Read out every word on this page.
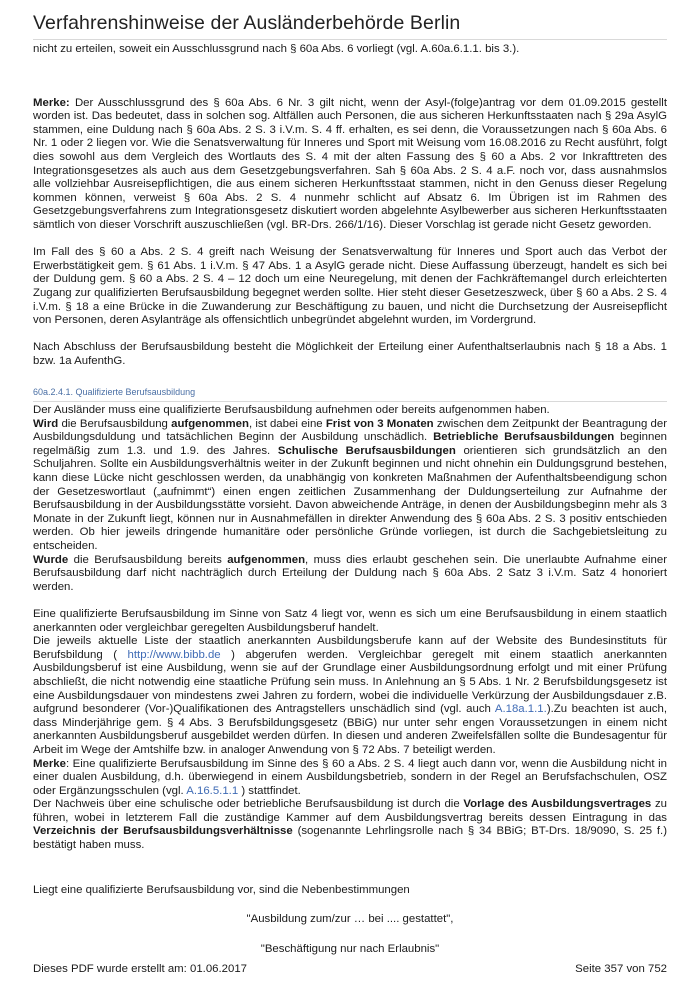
Verfahrenshinweise der Ausländerbehörde Berlin

nicht zu erteilen, soweit ein Ausschlussgrund nach § 60a Abs. 6 vorliegt (vgl. A.60a.6.1.1. bis 3.).

Merke: Der Ausschlussgrund des § 60a Abs. 6 Nr. 3 gilt nicht, wenn der Asyl-(folge)antrag vor dem 01.09.2015 gestellt worden ist. Das bedeutet, dass in solchen sog. Altfällen auch Personen, die aus sicheren Herkunftsstaaten nach § 29a AsylG stammen, eine Duldung nach § 60a Abs. 2 S. 3 i.V.m. S. 4 ff. erhalten, es sei denn, die Voraussetzungen nach § 60a Abs. 6 Nr. 1 oder 2 liegen vor. Wie die Senatsverwaltung für Inneres und Sport mit Weisung vom 16.08.2016 zu Recht ausführt, folgt dies sowohl aus dem Vergleich des Wortlauts des S. 4 mit der alten Fassung des § 60 a Abs. 2 vor Inkrafttreten des Integrationsgesetzes als auch aus dem Gesetzgebungsverfahren. Sah § 60a Abs. 2 S. 4 a.F. noch vor, dass ausnahmslos alle vollziehbar Ausreisepflichtigen, die aus einem sicheren Herkunftsstaat stammen, nicht in den Genuss dieser Regelung kommen können, verweist § 60a Abs. 2 S. 4 nunmehr schlicht auf Absatz 6. Im Übrigen ist im Rahmen des Gesetzgebungsverfahrens zum Integrationsgesetz diskutiert worden abgelehnte Asylbewerber aus sicheren Herkunftsstaaten sämtlich von dieser Vorschrift auszuschließen (vgl. BR-Drs. 266/1/16). Dieser Vorschlag ist gerade nicht Gesetz geworden.

Im Fall des § 60 a Abs. 2 S. 4 greift nach Weisung der Senatsverwaltung für Inneres und Sport auch das Verbot der Erwerbstätigkeit gem. § 61 Abs. 1 i.V.m. § 47 Abs. 1 a AsylG gerade nicht. Diese Auffassung überzeugt, handelt es sich bei der Duldung gem. § 60 a Abs. 2 S. 4 – 12 doch um eine Neuregelung, mit denen der Fachkräftemangel durch erleichterten Zugang zur qualifizierten Berufsausbildung begegnet werden sollte. Hier steht dieser Gesetzeszweck, über § 60 a Abs. 2 S. 4 i.V.m. § 18 a eine Brücke in die Zuwanderung zur Beschäftigung zu bauen, und nicht die Durchsetzung der Ausreisepflicht von Personen, deren Asylanträge als offensichtlich unbegründet abgelehnt wurden, im Vordergrund.

Nach Abschluss der Berufsausbildung besteht die Möglichkeit der Erteilung einer Aufenthaltserlaubnis nach § 18 a Abs. 1 bzw. 1a AufenthG.

60a.2.4.1. Qualifizierte Berufsausbildung

Der Ausländer muss eine qualifizierte Berufsausbildung aufnehmen oder bereits aufgenommen haben.

Wird die Berufsausbildung aufgenommen, ist dabei eine Frist von 3 Monaten zwischen dem Zeitpunkt der Beantragung der Ausbildungsduldung und tatsächlichen Beginn der Ausbildung unschädlich. Betriebliche Berufsausbildungen beginnen regelmäßig zum 1.3. und 1.9. des Jahres. Schulische Berufsausbildungen orientieren sich grundsätzlich an den Schuljahren. Sollte ein Ausbildungsverhältnis weiter in der Zukunft beginnen und nicht ohnehin ein Duldungsgrund bestehen, kann diese Lücke nicht geschlossen werden, da unabhängig von konkreten Maßnahmen der Aufenthaltsbeendigung schon der Gesetzeswortlaut („aufnimmt“) einen engen zeitlichen Zusammenhang der Duldungserteilung zur Aufnahme der Berufsausbildung in der Ausbildungsstätte vorsieht. Davon abweichende Anträge, in denen der Ausbildungsbeginn mehr als 3 Monate in der Zukunft liegt, können nur in Ausnahmefällen in direkter Anwendung des § 60a Abs. 2 S. 3 positiv entschieden werden. Ob hier jeweils dringende humanitäre oder persönliche Gründe vorliegen, ist durch die Sachgebietsleitung zu entscheiden.

Wurde die Berufsausbildung bereits aufgenommen, muss dies erlaubt geschehen sein. Die unerlaubte Aufnahme einer Berufsausbildung darf nicht nachträglich durch Erteilung der Duldung nach § 60a Abs. 2 Satz 3 i.V.m. Satz 4 honoriert werden.

Eine qualifizierte Berufsausbildung im Sinne von Satz 4 liegt vor, wenn es sich um eine Berufsausbildung in einem staatlich anerkannten oder vergleichbar geregelten Ausbildungsberuf handelt.

Die jeweils aktuelle Liste der staatlich anerkannten Ausbildungsberufe kann auf der Website des Bundesinstituts für Berufsbildung ( http://www.bibb.de ) abgerufen werden. Vergleichbar geregelt mit einem staatlich anerkannten Ausbildungsberuf ist eine Ausbildung, wenn sie auf der Grundlage einer Ausbildungsordnung erfolgt und mit einer Prüfung abschließt, die nicht notwendig eine staatliche Prüfung sein muss. In Anlehnung an § 5 Abs. 1 Nr. 2 Berufsbildungsgesetz ist eine Ausbildungsdauer von mindestens zwei Jahren zu fordern, wobei die individuelle Verkürzung der Ausbildungsdauer z.B. aufgrund besonderer (Vor-)Qualifikationen des Antragstellers unschädlich sind (vgl. auch A.18a.1.1.).Zu beachten ist auch, dass Minderjährige gem. § 4 Abs. 3 Berufsbildungsgesetz (BBiG) nur unter sehr engen Voraussetzungen in einem nicht anerkannten Ausbildungsberuf ausgebildet werden dürfen. In diesen und anderen Zweifelsfällen sollte die Bundesagentur für Arbeit im Wege der Amtshilfe bzw. in analoger Anwendung von § 72 Abs. 7 beteiligt werden.

Merke: Eine qualifizierte Berufsausbildung im Sinne des § 60 a Abs. 2 S. 4 liegt auch dann vor, wenn die Ausbildung nicht in einer dualen Ausbildung, d.h. überwiegend in einem Ausbildungsbetrieb, sondern in der Regel an Berufsfachschulen, OSZ oder Ergänzungsschulen (vgl. A.16.5.1.1 ) stattfindet.

Der Nachweis über eine schulische oder betriebliche Berufsausbildung ist durch die Vorlage des Ausbildungsvertrages zu führen, wobei in letzterem Fall die zuständige Kammer auf dem Ausbildungsvertrag bereits dessen Eintragung in das Verzeichnis der Berufsausbildungsverhältnisse (sogenannte Lehrlingsrolle nach § 34 BBiG; BT-Drs. 18/9090, S. 25 f.) bestätigt haben muss.

Liegt eine qualifizierte Berufsausbildung vor, sind die Nebenbestimmungen

"Ausbildung zum/zur … bei .... gestattet",

"Beschäftigung nur nach Erlaubnis"

Dieses PDF wurde erstellt am: 01.06.2017	Seite 357 von 752
